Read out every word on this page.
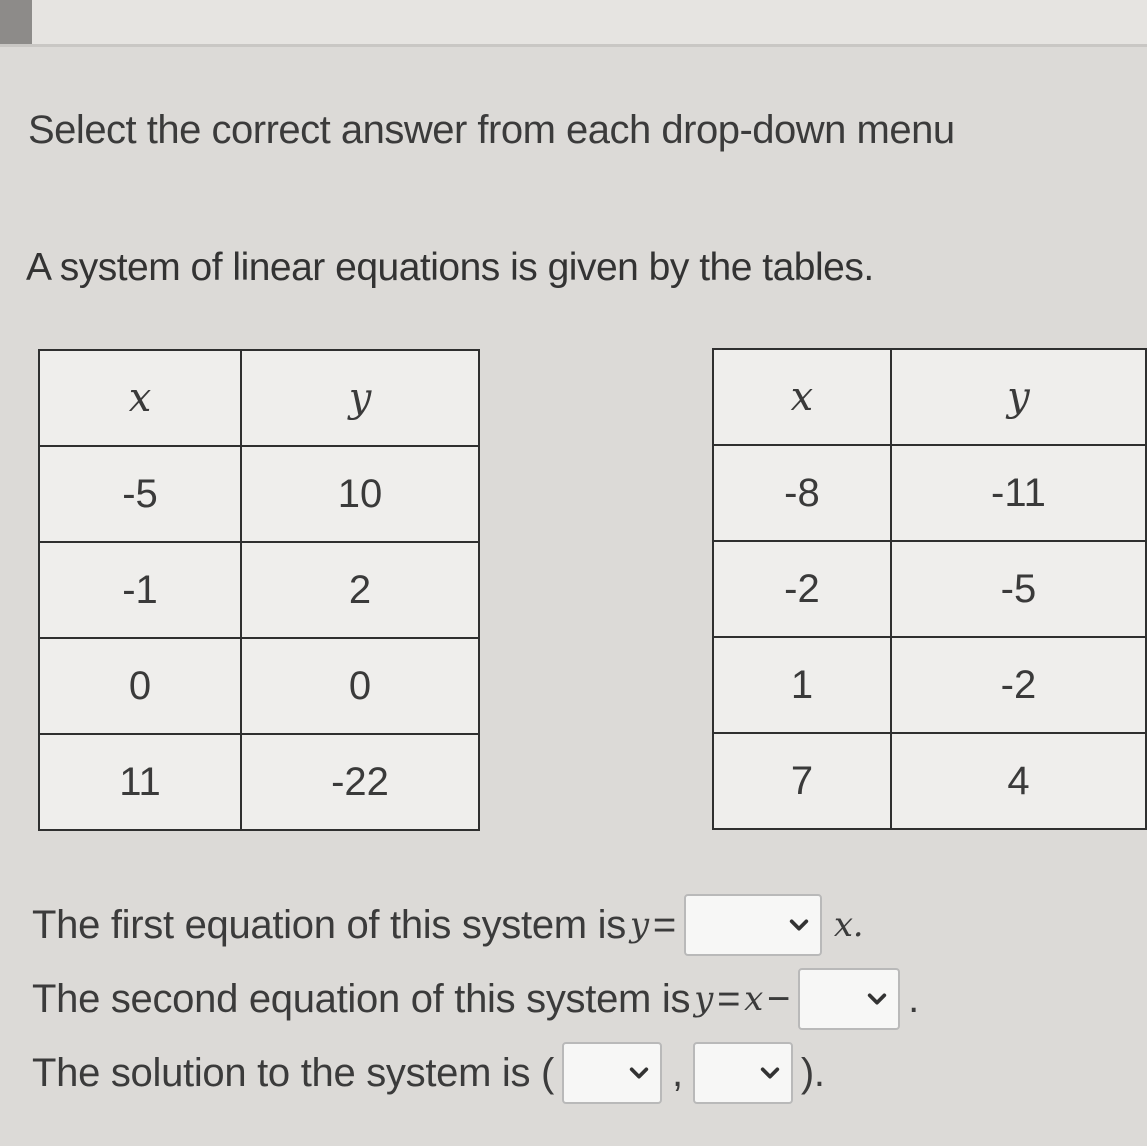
Select the correct answer from each drop-down menu
A system of linear equations is given by the tables.
x	y
-5	10
-1	2
0	0
11	-22
x	y
-8	-11
-2	-5
1	-2
7	4
The first equation of this system is y =	x.
The second equation of this system is y = x −	.
The solution to the system is (	,	).
